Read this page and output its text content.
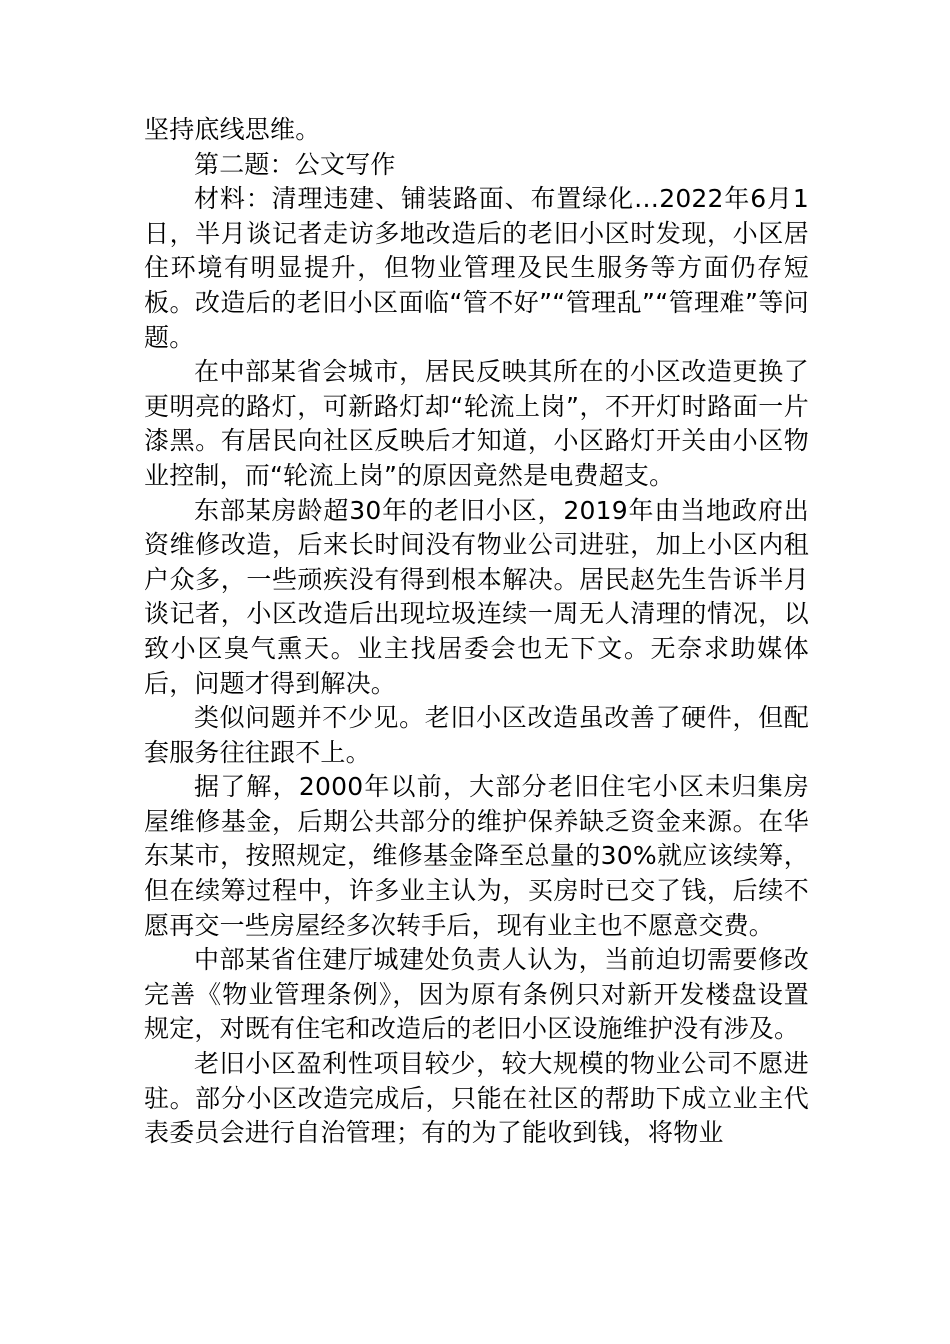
坚持底线思维。

第二题：公文写作

材料：清理违建、铺装路面、布置绿化…2022年6月1日，半月谈记者走访多地改造后的老旧小区时发现，小区居住环境有明显提升，但物业管理及民生服务等方面仍存短板。改造后的老旧小区面临“管不好”“管理乱”“管理难”等问题。

在中部某省会城市，居民反映其所在的小区改造更换了更明亮的路灯，可新路灯却“轮流上岗”，不开灯时路面一片漆黑。有居民向社区反映后才知道，小区路灯开关由小区物业控制，而“轮流上岗”的原因竟然是电费超支。

东部某房龄超30年的老旧小区，2019年由当地政府出资维修改造，后来长时间没有物业公司进驻，加上小区内租户众多，一些顽疾没有得到根本解决。居民赵先生告诉半月谈记者，小区改造后出现垃圾连续一周无人清理的情况，以致小区臭气熏天。业主找居委会也无下文。无奈求助媒体后，问题才得到解决。

类似问题并不少见。老旧小区改造虽改善了硬件，但配套服务往往跟不上。

据了解，2000年以前，大部分老旧住宅小区未归集房屋维修基金，后期公共部分的维护保养缺乏资金来源。在华东某市，按照规定，维修基金降至总量的30%就应该续筹，但在续筹过程中，许多业主认为，买房时已交了钱，后续不愿再交一些房屋经多次转手后，现有业主也不愿意交费。

中部某省住建厅城建处负责人认为，当前迫切需要修改完善《物业管理条例》，因为原有条例只对新开发楼盘设置规定，对既有住宅和改造后的老旧小区设施维护没有涉及。

老旧小区盈利性项目较少，较大规模的物业公司不愿进驻。部分小区改造完成后，只能在社区的帮助下成立业主代表委员会进行自治管理；有的为了能收到钱，将物业
